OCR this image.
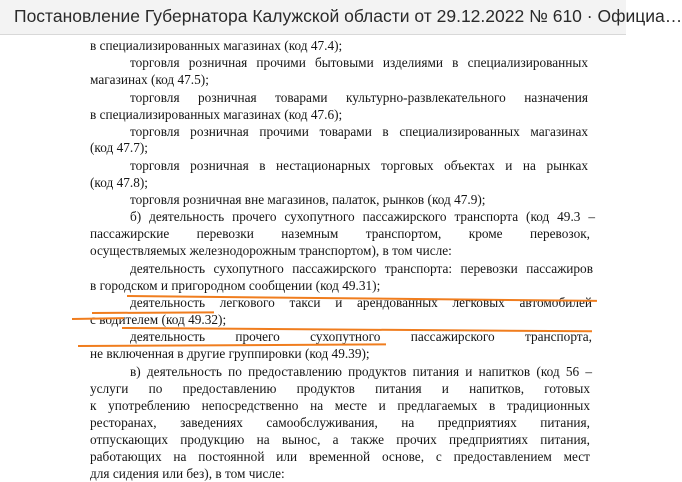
Постановление Губернатора Калужской области от 29.12.2022 № 610 · Официа…
в специализированных магазинах (код 47.4);
торговля розничная прочими бытовыми изделиями в специализированных
магазинах (код 47.5);
торговля розничная товарами культурно-развлекательного назначения
в специализированных магазинах (код 47.6);
торговля розничная прочими товарами в специализированных магазинах
(код 47.7);
торговля розничная в нестационарных торговых объектах и на рынках
(код 47.8);
торговля розничная вне магазинов, палаток, рынков (код 47.9);
б) деятельность прочего сухопутного пассажирского транспорта (код 49.3 –
пассажирские перевозки наземным транспортом, кроме перевозок,
осуществляемых железнодорожным транспортом), в том числе:
деятельность сухопутного пассажирского транспорта: перевозки пассажиров
в городском и пригородном сообщении (код 49.31);
деятельность легкового такси и арендованных легковых автомобилей
с водителем (код 49.32);
деятельность прочего сухопутного пассажирского транспорта,
не включенная в другие группировки (код 49.39);
в) деятельность по предоставлению продуктов питания и напитков (код 56 –
услуги по предоставлению продуктов питания и напитков, готовых
к употреблению непосредственно на месте и предлагаемых в традиционных
ресторанах, заведениях самообслуживания, на предприятиях питания,
отпускающих продукцию на вынос, а также прочих предприятиях питания,
работающих на постоянной или временной основе, с предоставлением мест
для сидения или без), в том числе:
